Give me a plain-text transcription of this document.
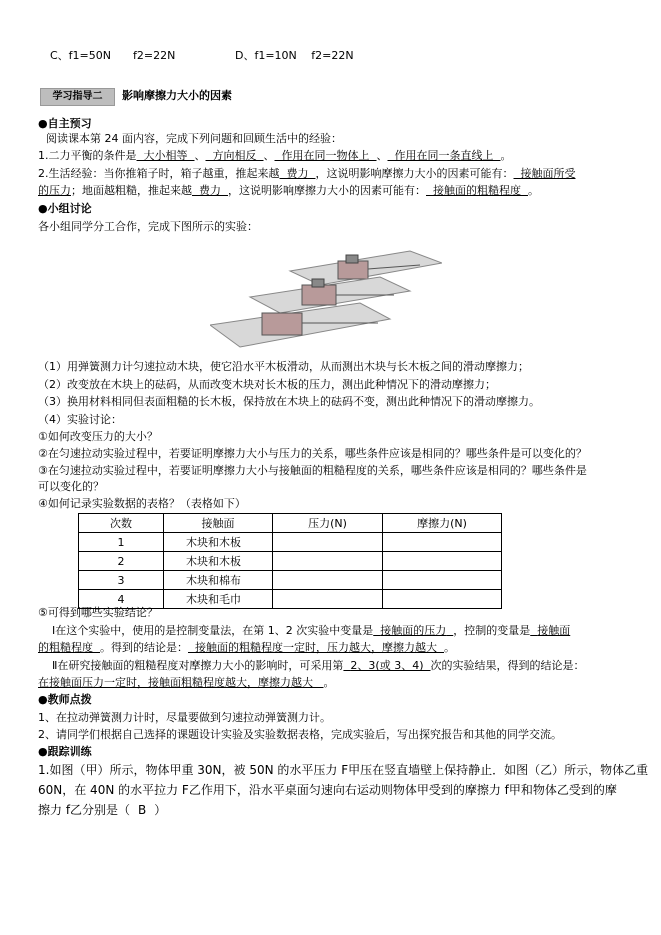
C、f1=50N　　f2=22N	D、f1=10N　 f2=22N
学习指导二	影响摩擦力大小的因素
●自主预习
阅读课本第 24 面内容，完成下列问题和回顾生活中的经验：
1.二力平衡的条件是 大小相等 、 方向相反 、 作用在同一物体上 、 作用在同一条直线上 。
2.生活经验：当你推箱子时，箱子越重，推起来越 费力 ，这说明影响摩擦力大小的因素可能有： 接触面所受
的压力；地面越粗糙，推起来越 费力 ，这说明影响摩擦力大小的因素可能有： 接触面的粗糙程度 。
●小组讨论
各小组同学分工合作，完成下图所示的实验：
（1）用弹簧测力计匀速拉动木块，使它沿水平木板滑动，从而测出木块与长木板之间的滑动摩擦力；
（2）改变放在木块上的砝码，从而改变木块对长木板的压力，测出此种情况下的滑动摩擦力；
（3）换用材料相同但表面粗糙的长木板，保持放在木块上的砝码不变，测出此种情况下的滑动摩擦力。
（4）实验讨论：
①如何改变压力的大小？
②在匀速拉动实验过程中，若要证明摩擦力大小与压力的关系，哪些条件应该是相同的？哪些条件是可以变化的？
③在匀速拉动实验过程中，若要证明摩擦力大小与接触面的粗糙程度的关系，哪些条件应该是相同的？哪些条件是
可以变化的？
④如何记录实验数据的表格？（表格如下）
次数	接触面	压力(N)	摩擦力(N)
1	木块和木板		
2	木块和木板		
3	木块和棉布		
4	木块和毛巾		
⑤可得到哪些实验结论？
Ⅰ在这个实验中，使用的是控制变量法，在第 1、2 次实验中变量是 接触面的压力 ，控制的变量是 接触面
的粗糙程度 。得到的结论是： 接触面的粗糙程度一定时，压力越大，摩擦力越大 。
Ⅱ在研究接触面的粗糙程度对摩擦力大小的影响时，可采用第 2、3(或 3、4) 次的实验结果，得到的结论是：
在接触面压力一定时，接触面粗糙程度越大，摩擦力越大 。
●教师点拨
1、在拉动弹簧测力计时，尽量要做到匀速拉动弹簧测力计。
2、请同学们根据自己选择的课题设计实验及实验数据表格，完成实验后，写出探究报告和其他的同学交流。
●跟踪训练
1.如图（甲）所示，物体甲重 30N，被 50N 的水平压力 F甲压在竖直墙壁上保持静止．如图（乙）所示，物体乙重
60N，在 40N 的水平拉力 F乙作用下，沿水平桌面匀速向右运动则物体甲受到的摩擦力 f甲和物体乙受到的摩
擦力 f乙分别是（ B ）
